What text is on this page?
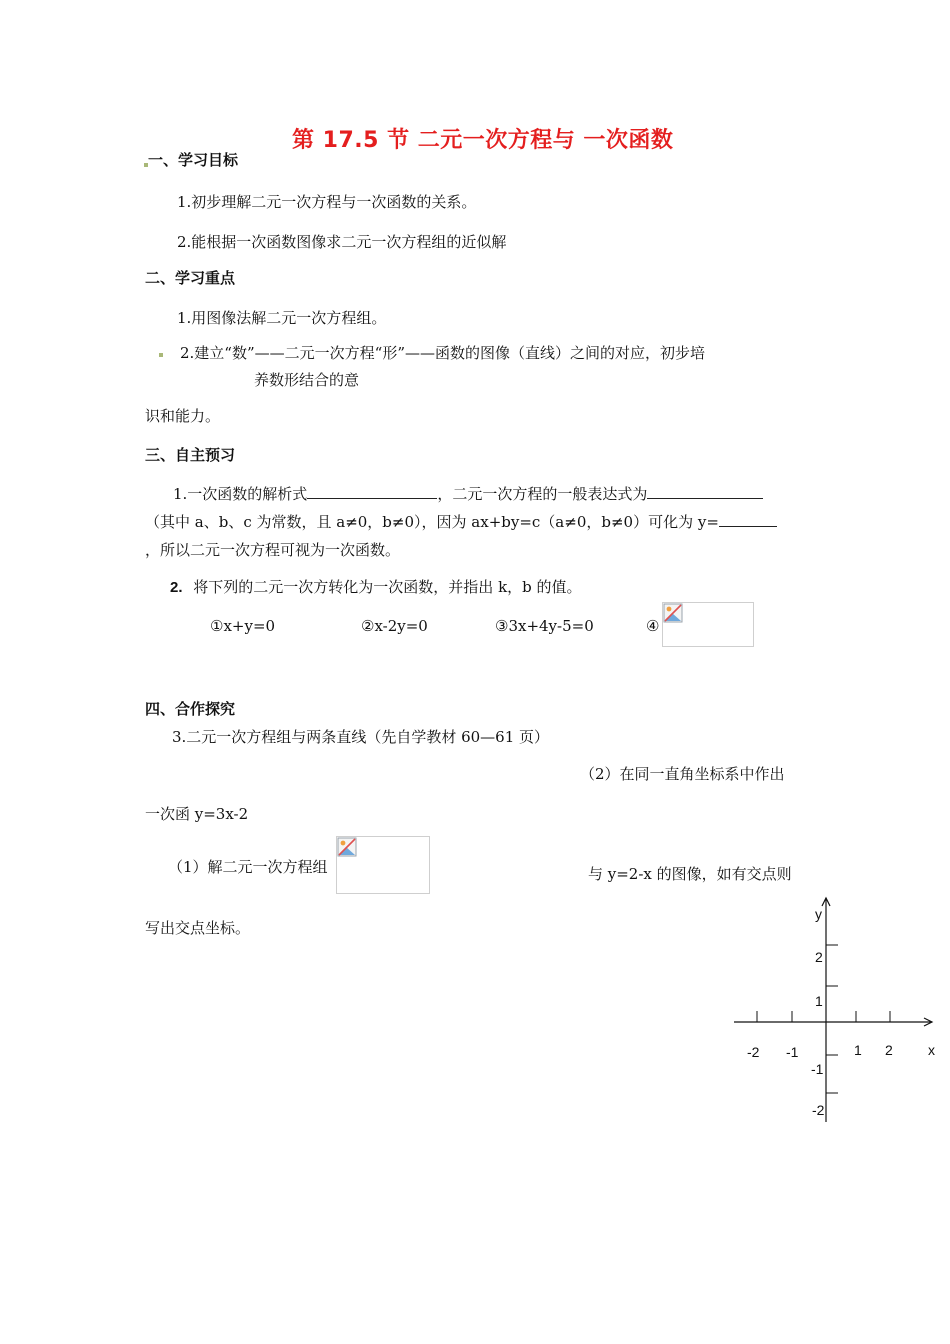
第 17.5 节 二元一次方程与 一次函数
一、学习目标
1.初步理解二元一次方程与一次函数的关系。
2.能根据一次函数图像求二元一次方程组的近似解
二、学习重点
1.用图像法解二元一次方程组。
2.建立“数”——二元一次方程“形”——函数的图像（直线）之间的对应，初步培
养数形结合的意
识和能力。
三、自主预习
1.一次函数的解析式	，二元一次方程的一般表达式为
（其中 a、b、c 为常数，且 a≠0，b≠0），因为 ax+by=c（a≠0，b≠0）可化为 y=
，所以二元一次方程可视为一次函数。
2. 将下列的二元一次方转化为一次函数，并指出 k，b 的值。
①x+y=0	②x-2y=0	③3x+4y-5=0	④
四、合作探究
3.二元一次方程组与两条直线（先自学教材 60—61 页）
（2）在同一直角坐标系中作出
一次函 y=3x-2
（1）解二元一次方程组	与 y=2-x 的图像，如有交点则
写出交点坐标。
y
x
-2 -1	1 2
2
1
-1
-2
